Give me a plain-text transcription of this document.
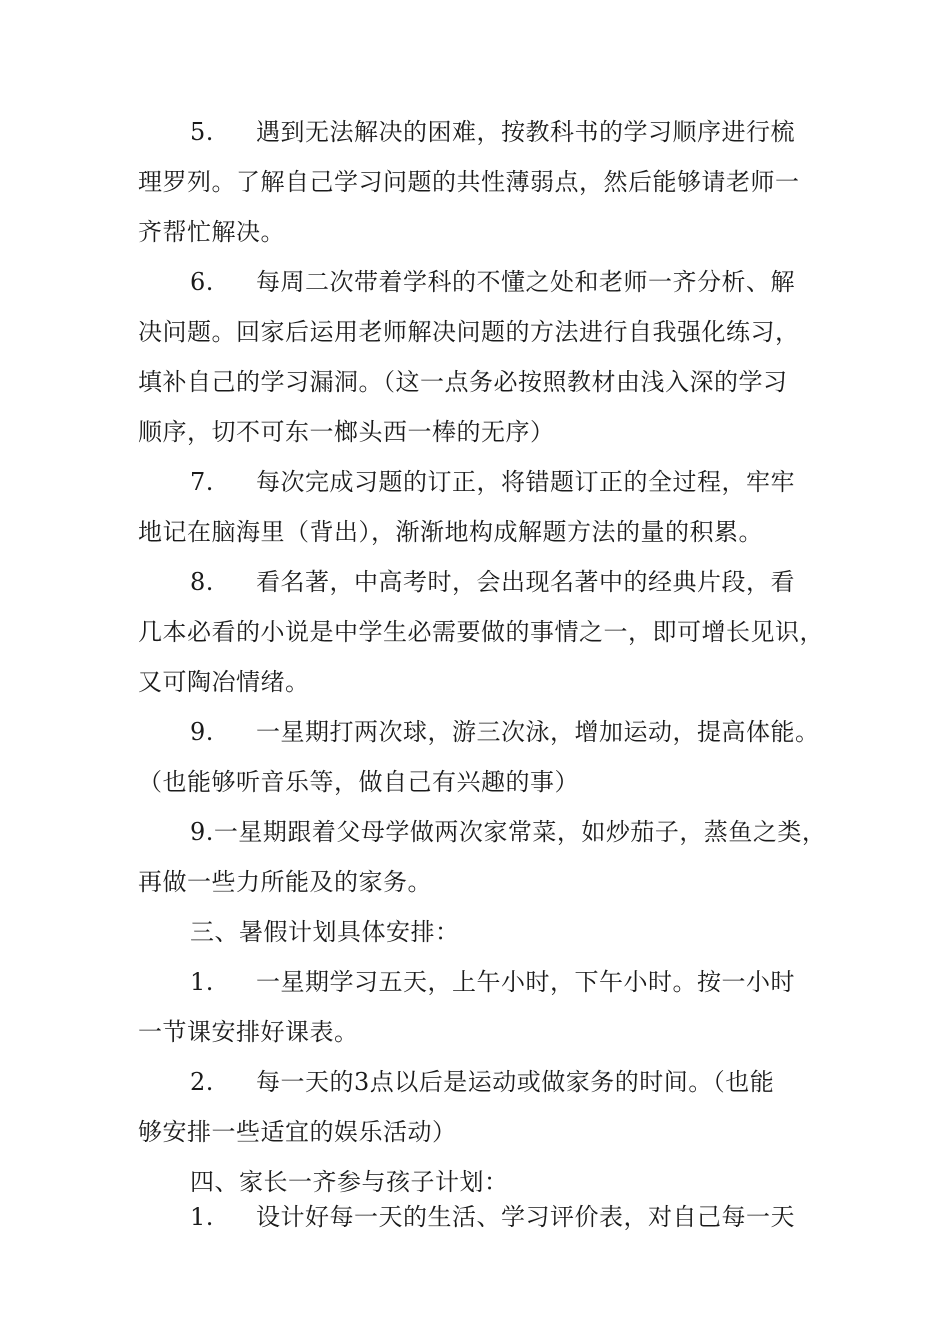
5. 遇到无法解决的困难，按教科书的学习顺序进行梳
理罗列。了解自己学习问题的共性薄弱点，然后能够请老师一
齐帮忙解决。
6. 每周二次带着学科的不懂之处和老师一齐分析、解
决问题。回家后运用老师解决问题的方法进行自我强化练习，
填补自己的学习漏洞。（这一点务必按照教材由浅入深的学习
顺序，切不可东一榔头西一棒的无序）
7. 每次完成习题的订正，将错题订正的全过程，牢牢
地记在脑海里（背出），渐渐地构成解题方法的量的积累。
8. 看名著，中高考时，会出现名著中的经典片段，看
几本必看的小说是中学生必需要做的事情之一，即可增长见识，
又可陶冶情绪。
9. 一星期打两次球，游三次泳，增加运动，提高体能。
（也能够听音乐等，做自己有兴趣的事）
9.一星期跟着父母学做两次家常菜，如炒茄子，蒸鱼之类，
再做一些力所能及的家务。
三、暑假计划具体安排：
1. 一星期学习五天，上午小时，下午小时。按一小时
一节课安排好课表。
2. 每一天的3点以后是运动或做家务的时间。（也能
够安排一些适宜的娱乐活动）
四、家长一齐参与孩子计划：
1. 设计好每一天的生活、学习评价表，对自己每一天
